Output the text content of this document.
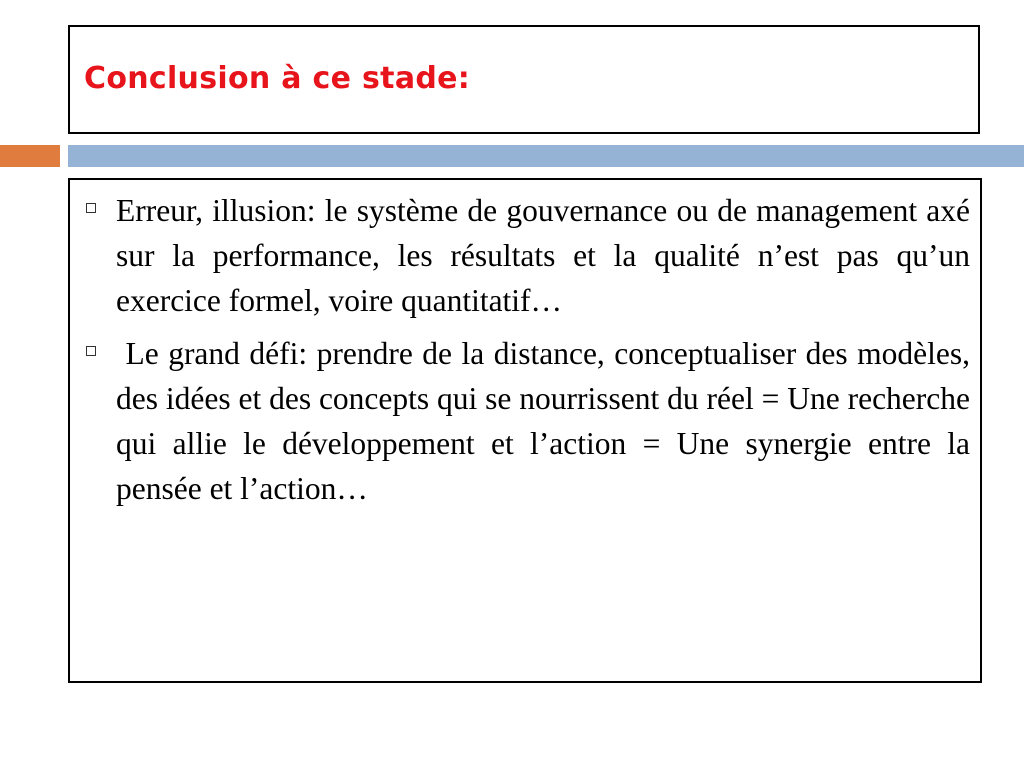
Conclusion à ce stade:
Erreur, illusion: le système de gouvernance ou de management axé sur la performance, les résultats et la qualité n’est pas qu’un exercice formel, voire quantitatif…
Le grand défi: prendre de la distance, conceptualiser des modèles, des idées et des concepts qui se nourrissent du réel = Une recherche qui allie le développement et l’action = Une synergie entre la pensée et l’action…
